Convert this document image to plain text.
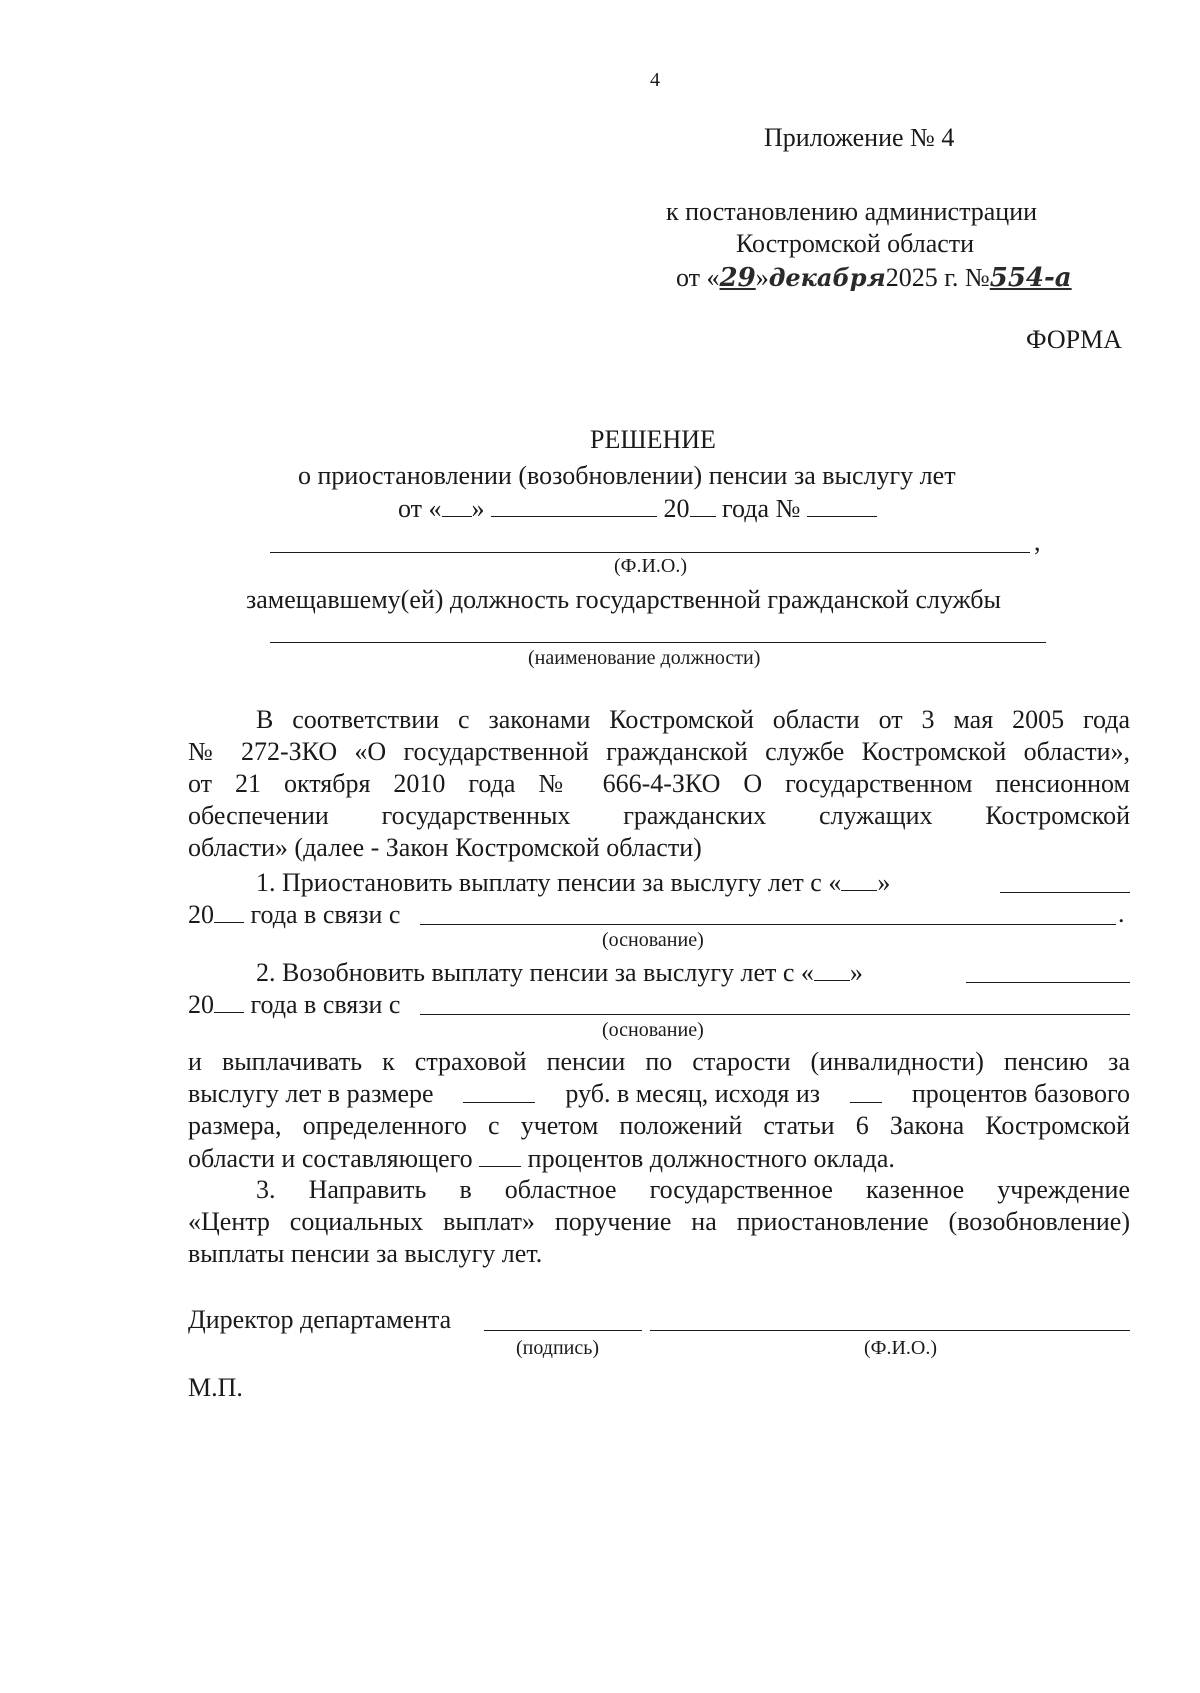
4
Приложение № 4
к постановлению администрации
Костромской области
от «29»декабря2025 г. №554-а
ФОРМА
РЕШЕНИЕ
о приостановлении (возобновлении) пенсии за выслугу лет
от « »	20 года №
,
(Ф.И.О.)
замещавшему(ей) должность государственной гражданской службы
(наименование должности)
В соответствии с законами Костромской области от 3 мая 2005 года
№ 272-ЗКО «О государственной гражданской службе Костромской области»,
от 21 октября 2010 года № 666-4-ЗКО О государственном пенсионном
обеспечении государственных гражданских служащих Костромской
области» (далее - Закон Костромской области)
1. Приостановить выплату пенсии за выслугу лет с « »
20 года в связи с	.
(основание)
2. Возобновить выплату пенсии за выслугу лет с « »
20 года в связи с
(основание)
и выплачивать к страховой пенсии по старости (инвалидности) пенсию за
выслугу лет в размере	руб. в месяц, исходя из	процентов базового
размера, определенного с учетом положений статьи 6 Закона Костромской
области и составляющего процентов должностного оклада.
3. Направить в областное государственное казенное учреждение
«Центр социальных выплат» поручение на приостановление (возобновление)
выплаты пенсии за выслугу лет.
Директор департамента
(подпись)	(Ф.И.О.)
М.П.
